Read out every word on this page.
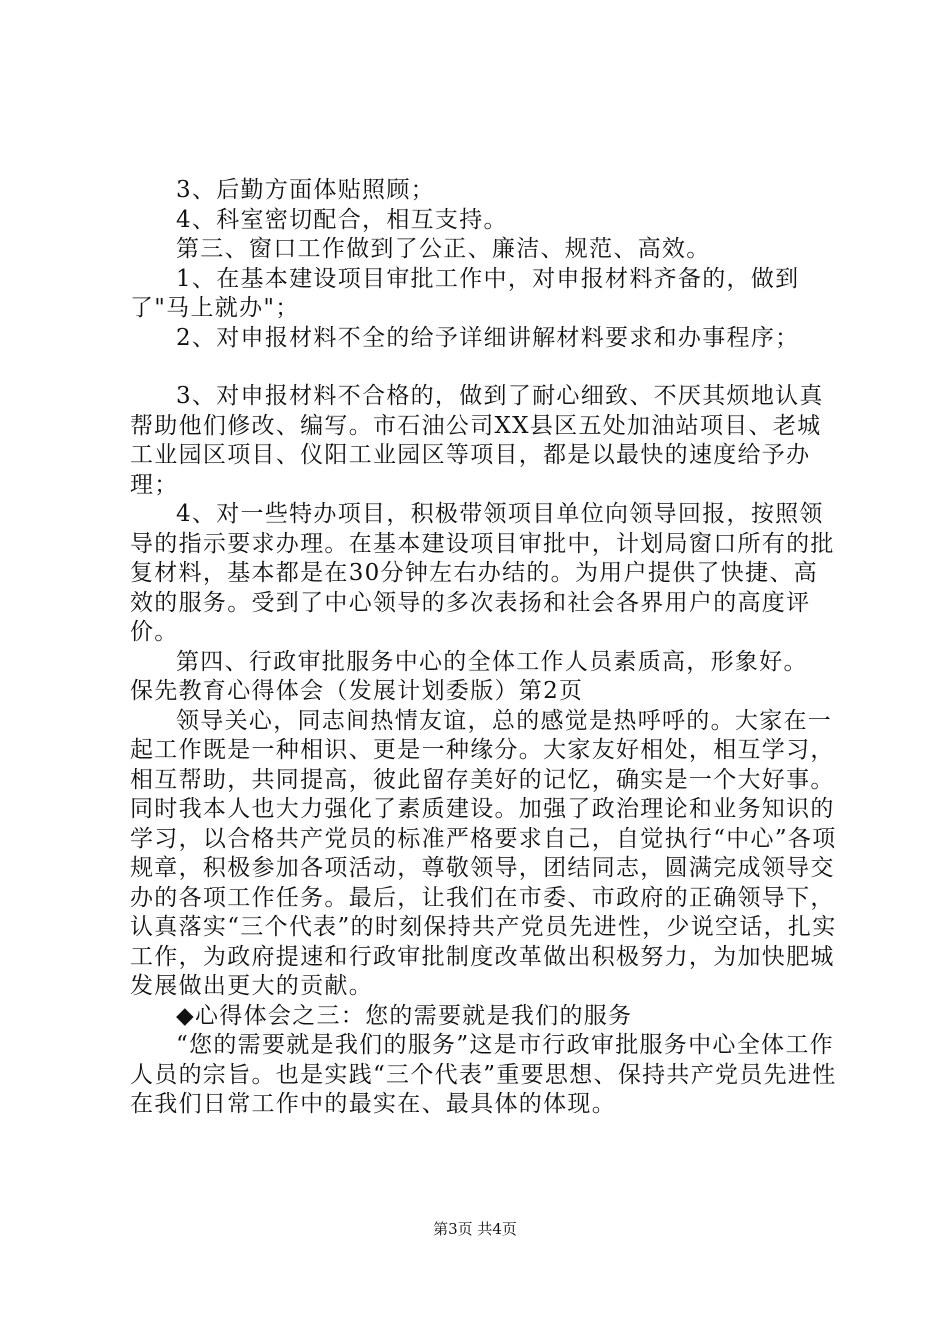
3、后勤方面体贴照顾；

4、科室密切配合，相互支持。

第三、窗口工作做到了公正、廉洁、规范、高效。

1、在基本建设项目审批工作中，对申报材料齐备的，做到了"马上就办"；

2、对申报材料不全的给予详细讲解材料要求和办事程序；

3、对申报材料不合格的，做到了耐心细致、不厌其烦地认真帮助他们修改、编写。市石油公司XX县区五处加油站项目、老城工业园区项目、仪阳工业园区等项目，都是以最快的速度给予办理；

4、对一些特办项目，积极带领项目单位向领导回报，按照领导的指示要求办理。在基本建设项目审批中，计划局窗口所有的批复材料，基本都是在30分钟左右办结的。为用户提供了快捷、高效的服务。受到了中心领导的多次表扬和社会各界用户的高度评价。

第四、行政审批服务中心的全体工作人员素质高，形象好。

保先教育心得体会（发展计划委版）第2页

领导关心，同志间热情友谊，总的感觉是热呼呼的。大家在一起工作既是一种相识、更是一种缘分。大家友好相处，相互学习，相互帮助，共同提高，彼此留存美好的记忆，确实是一个大好事。同时我本人也大力强化了素质建设。加强了政治理论和业务知识的学习，以合格共产党员的标准严格要求自己，自觉执行“中心”各项规章，积极参加各项活动，尊敬领导，团结同志，圆满完成领导交办的各项工作任务。最后，让我们在市委、市政府的正确领导下，认真落实“三个代表”的时刻保持共产党员先进性，少说空话，扎实工作，为政府提速和行政审批制度改革做出积极努力，为加快肥城发展做出更大的贡献。

◆心得体会之三：您的需要就是我们的服务

“您的需要就是我们的服务”这是市行政审批服务中心全体工作人员的宗旨。也是实践“三个代表”重要思想、保持共产党员先进性在我们日常工作中的最实在、最具体的体现。

第3页 共4页
